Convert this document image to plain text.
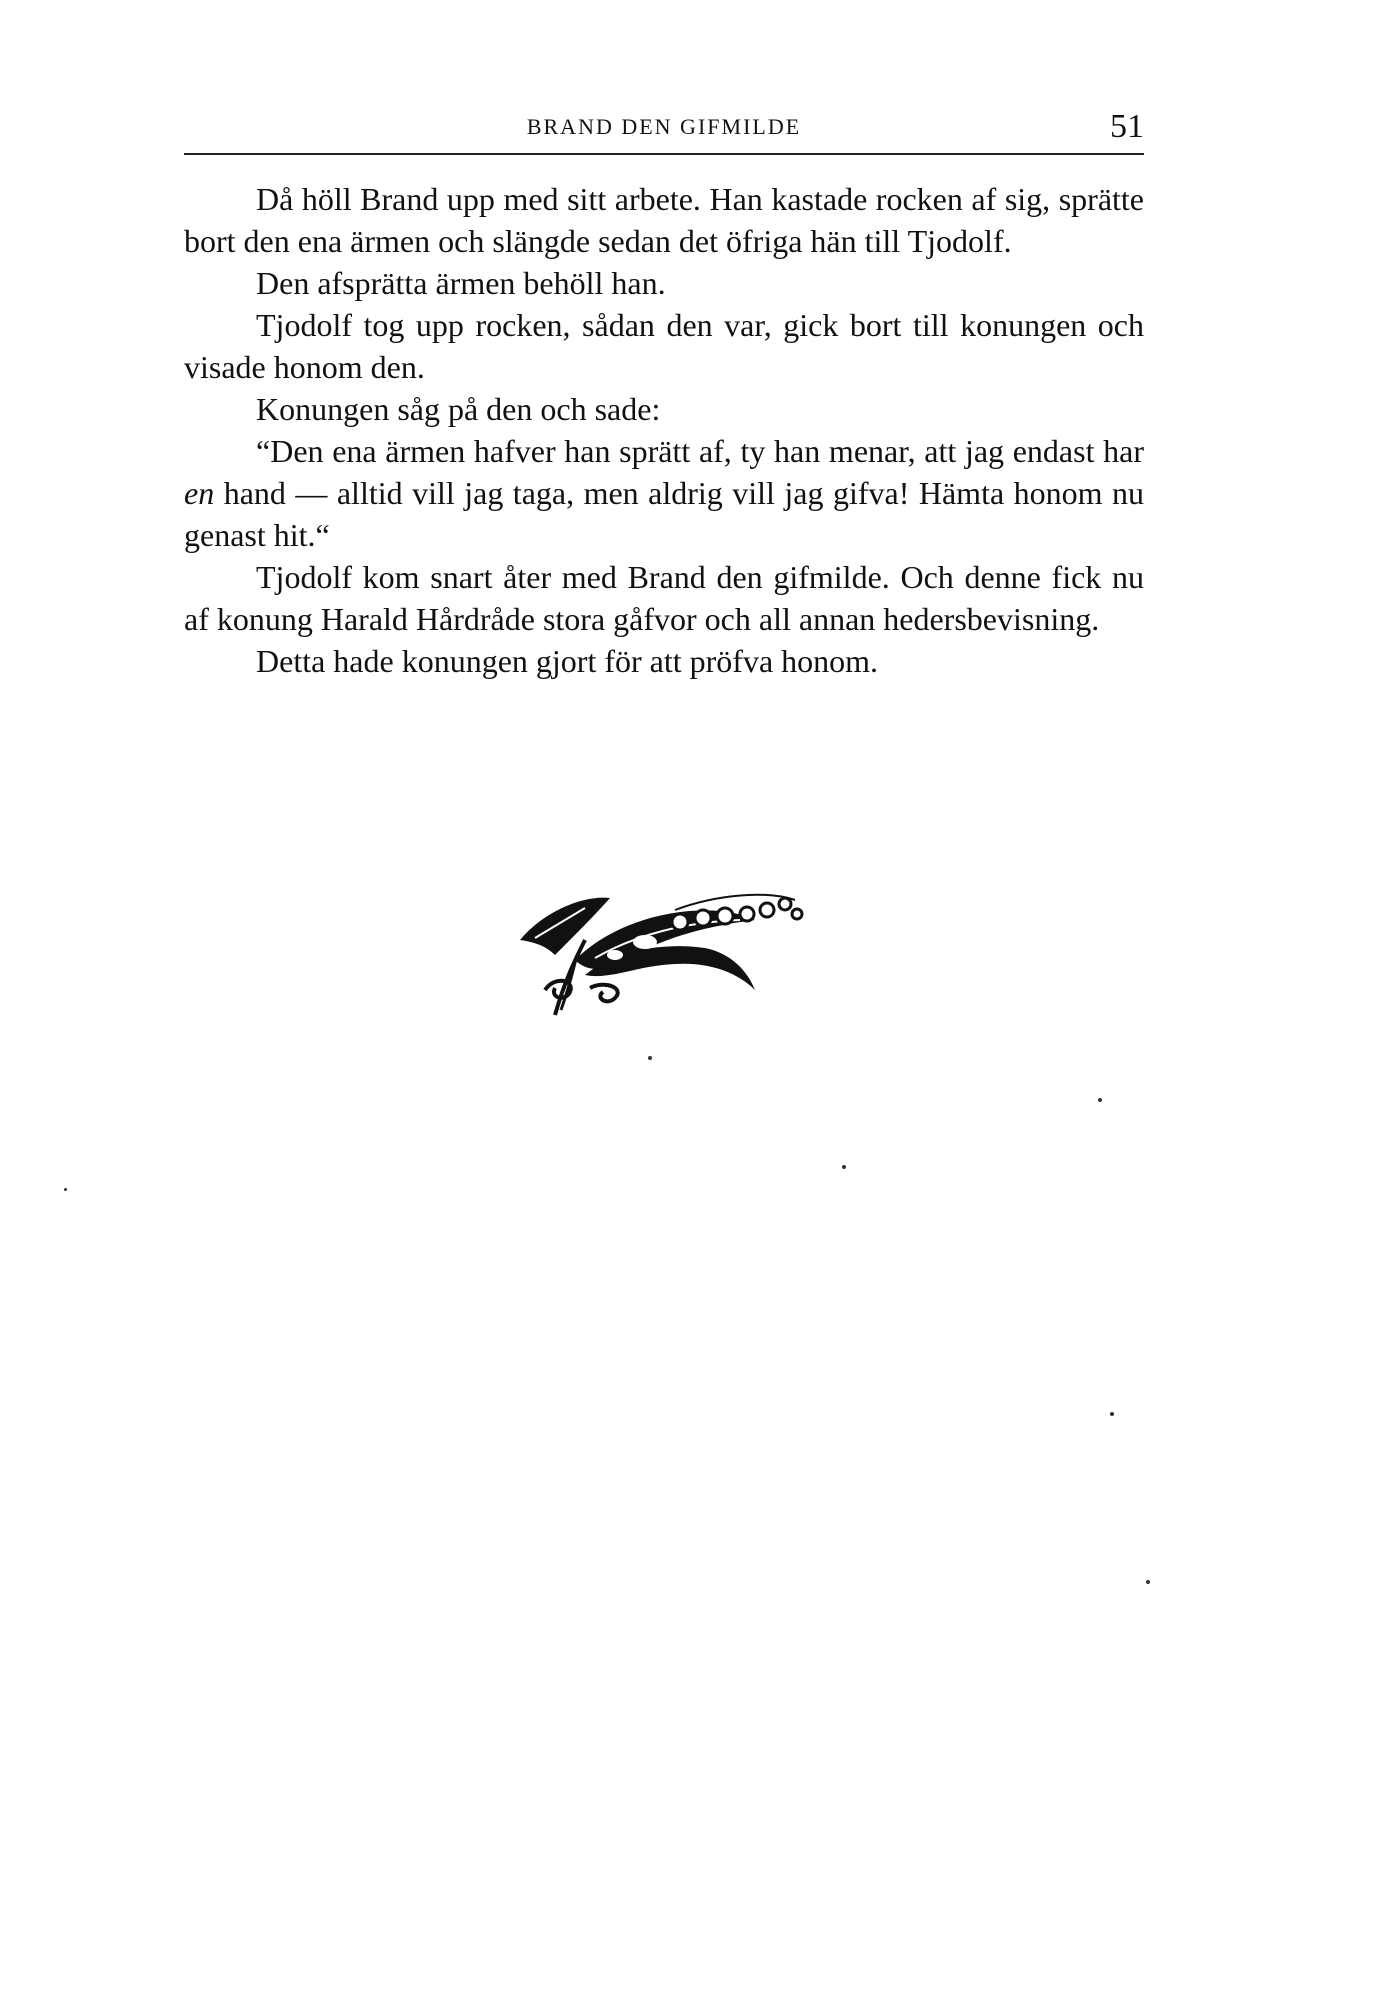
BRAND DEN GIFMILDE	51

Då höll Brand upp med sitt arbete. Han kastade rocken af sig, sprätte bort den ena ärmen och slängde sedan det öfriga hän till Tjodolf.

Den afsprätta ärmen behöll han.

Tjodolf tog upp rocken, sådan den var, gick bort till konungen och visade honom den.

Konungen såg på den och sade:

“Den ena ärmen hafver han sprätt af, ty han menar, att jag endast har en hand — alltid vill jag taga, men aldrig vill jag gifva! Hämta honom nu genast hit.“

Tjodolf kom snart åter med Brand den gifmilde. Och denne fick nu af konung Harald Hårdråde stora gåfvor och all annan hedersbevisning.

Detta hade konungen gjort för att pröfva honom.
